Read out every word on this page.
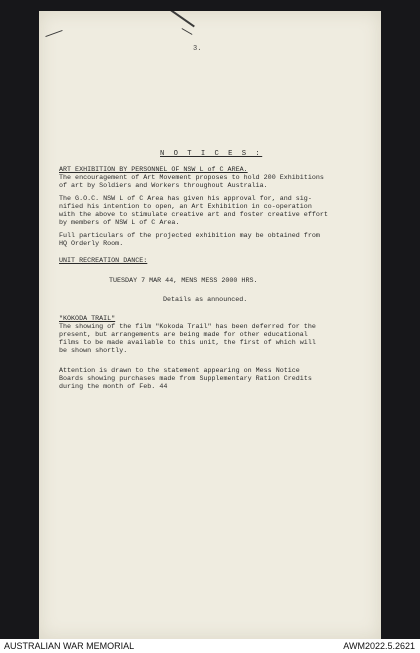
3.
N O T I C E S :
ART EXHIBITION BY PERSONNEL OF NSW L of C AREA.
The encouragement of Art Movement proposes to hold 200 Exhibitions
of art by Soldiers and Workers throughout Australia.
The G.O.C. NSW L of C Area has given his approval for, and sig-
nified his intention to open, an Art Exhibition in co-operation
with the above to stimulate creative art and foster creative effort
by members of NSW L of C Area.
Full particulars of the projected exhibition may be obtained from
HQ Orderly Room.
UNIT RECREATION DANCE:
TUESDAY 7 MAR 44, MENS MESS 2000 HRS.
Details as announced.
"KOKODA TRAIL"
The showing of the film "Kokoda Trail" has been deferred for the
present, but arrangements are being made for other educational
films to be made available to this unit, the first of which will
be shown shortly.
Attention is drawn to the statement appearing on Mess Notice
Boards showing purchases made from Supplementary Ration Credits
during the month of Feb. 44
AUSTRALIAN WAR MEMORIAL	AWM2022.5.2621
